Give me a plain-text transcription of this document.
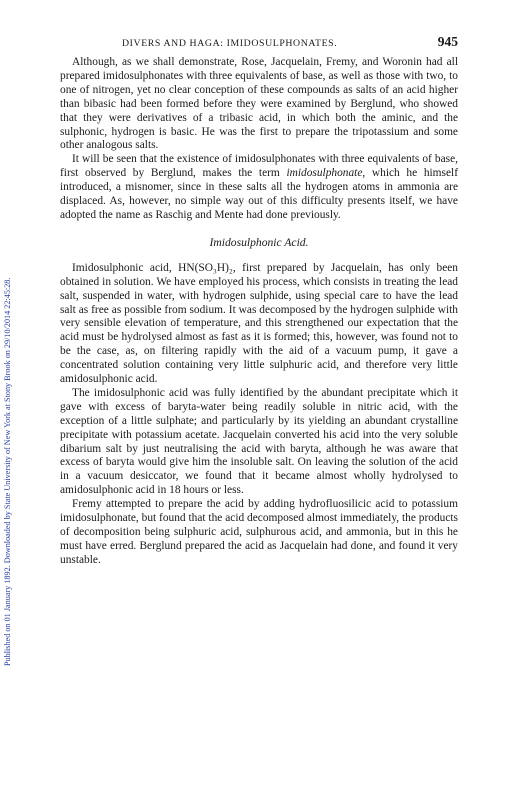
Published on 01 January 1892. Downloaded by State University of New York at Stony Brook on 29/10/2014 22:45:28.
DIVERS AND HAGA: IMIDOSULPHONATES.	945

Although, as we shall demonstrate, Rose, Jacquelain, Fremy, and Woronin had all prepared imidosulphonates with three equivalents of base, as well as those with two, to one of nitrogen, yet no clear conception of these compounds as salts of an acid higher than bibasic had been formed before they were examined by Berglund, who showed that they were derivatives of a tribasic acid, in which both the aminic, and the sulphonic, hydrogen is basic. He was the first to prepare the tripotassium and some other analogous salts.

It will be seen that the existence of imidosulphonates with three equivalents of base, first observed by Berglund, makes the term imidosulphonate, which he himself introduced, a misnomer, since in these salts all the hydrogen atoms in ammonia are displaced. As, however, no simple way out of this difficulty presents itself, we have adopted the name as Raschig and Mente had done previously.

Imidosulphonic Acid.

Imidosulphonic acid, HN(SO₃H)₂, first prepared by Jacquelain, has only been obtained in solution. We have employed his process, which consists in treating the lead salt, suspended in water, with hydrogen sulphide, using special care to have the lead salt as free as possible from sodium. It was decomposed by the hydrogen sulphide with very sensible elevation of temperature, and this strengthened our expectation that the acid must be hydrolysed almost as fast as it is formed; this, however, was found not to be the case, as, on filtering rapidly with the aid of a vacuum pump, it gave a concentrated solution containing very little sulphuric acid, and therefore very little amidosulphonic acid.

The imidosulphonic acid was fully identified by the abundant precipitate which it gave with excess of baryta-water being readily soluble in nitric acid, with the exception of a little sulphate; and particularly by its yielding an abundant crystalline precipitate with potassium acetate. Jacquelain converted his acid into the very soluble dibarium salt by just neutralising the acid with baryta, although he was aware that excess of baryta would give him the insoluble salt. On leaving the solution of the acid in a vacuum desiccator, we found that it became almost wholly hydrolysed to amidosulphonic acid in 18 hours or less.

Fremy attempted to prepare the acid by adding hydrofluosilicic acid to potassium imidosulphonate, but found that the acid decomposed almost immediately, the products of decomposition being sulphuric acid, sulphurous acid, and ammonia, but in this he must have erred. Berglund prepared the acid as Jacquelain had done, and found it very unstable.
